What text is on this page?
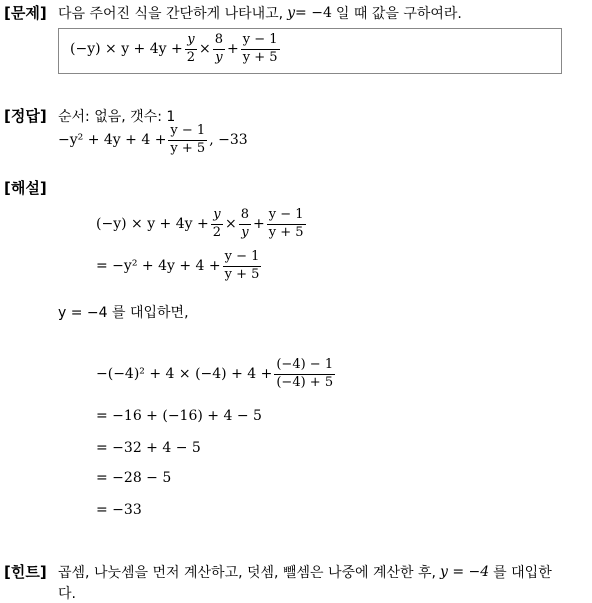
[문제] 다음 주어진 식을 간단하게 나타내고, y = −4 일 때 값을 구하여라.
$(-y) \times y + 4y + \frac{y}{2} \times \frac{8}{y} + \frac{y - 1}{y + 5}$
[정답] 순서: 없음, 갯수: 1
$-y^2 + 4y + 4 + \frac{y - 1}{y + 5}$ , −33
[해설]
$(-y) \times y + 4y + \frac{y}{2} \times \frac{8}{y} + \frac{y - 1}{y + 5}$
= $-y^2 + 4y + 4 + \frac{y - 1}{y + 5}$
y = −4 를 대입하면,
$-(-4)^2 + 4 \times (-4) + 4 + \frac{(-4) - 1}{(-4) + 5}$
= −16 + (−16) + 4 − 5
= −32 + 4 − 5
= −28 − 5
= −33
[힌트] 곱셈, 나눗셈을 먼저 계산하고, 덧셈, 뺄셈은 나중에 계산한 후, y = −4 를 대입한
다.
